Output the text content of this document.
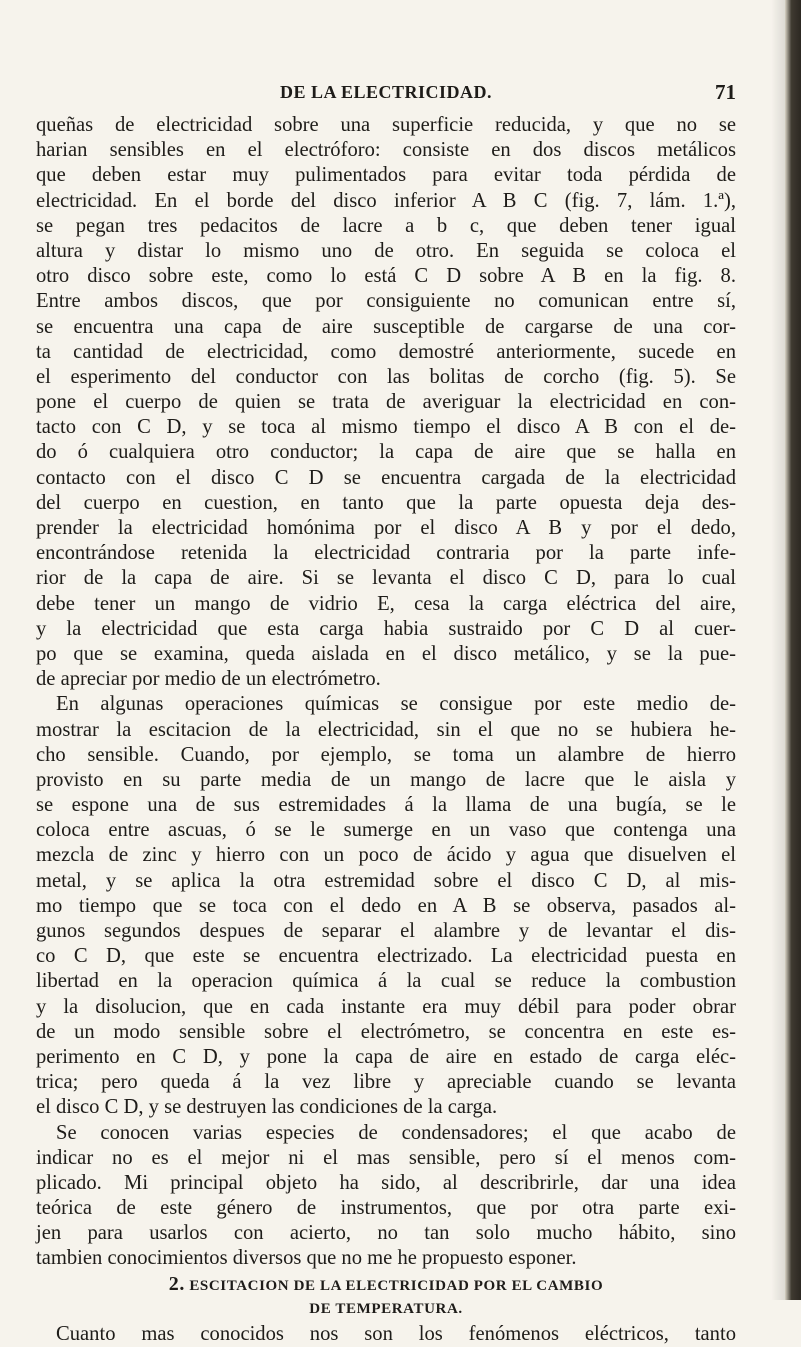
DE LA ELECTRICIDAD.	71
queñas de electricidad sobre una superficie reducida, y que no se
harian sensibles en el electróforo: consiste en dos discos metálicos
que deben estar muy pulimentados para evitar toda pérdida de
electricidad. En el borde del disco inferior A B C (fig. 7, lám. 1.ª),
se pegan tres pedacitos de lacre a b c, que deben tener igual
altura y distar lo mismo uno de otro. En seguida se coloca el
otro disco sobre este, como lo está C D sobre A B en la fig. 8.
Entre ambos discos, que por consiguiente no comunican entre sí,
se encuentra una capa de aire susceptible de cargarse de una cor-
ta cantidad de electricidad, como demostré anteriormente, sucede en
el esperimento del conductor con las bolitas de corcho (fig. 5). Se
pone el cuerpo de quien se trata de averiguar la electricidad en con-
tacto con C D, y se toca al mismo tiempo el disco A B con el de-
do ó cualquiera otro conductor; la capa de aire que se halla en
contacto con el disco C D se encuentra cargada de la electricidad
del cuerpo en cuestion, en tanto que la parte opuesta deja des-
prender la electricidad homónima por el disco A B y por el dedo,
encontrándose retenida la electricidad contraria por la parte infe-
rior de la capa de aire. Si se levanta el disco C D, para lo cual
debe tener un mango de vidrio E, cesa la carga eléctrica del aire,
y la electricidad que esta carga habia sustraido por C D al cuer-
po que se examina, queda aislada en el disco metálico, y se la pue-
de apreciar por medio de un electrómetro.
En algunas operaciones químicas se consigue por este medio de-
mostrar la escitacion de la electricidad, sin el que no se hubiera he-
cho sensible. Cuando, por ejemplo, se toma un alambre de hierro
provisto en su parte media de un mango de lacre que le aisla y
se espone una de sus estremidades á la llama de una bugía, se le
coloca entre ascuas, ó se le sumerge en un vaso que contenga una
mezcla de zinc y hierro con un poco de ácido y agua que disuelven el
metal, y se aplica la otra estremidad sobre el disco C D, al mis-
mo tiempo que se toca con el dedo en A B se observa, pasados al-
gunos segundos despues de separar el alambre y de levantar el dis-
co C D, que este se encuentra electrizado. La electricidad puesta en
libertad en la operacion química á la cual se reduce la combustion
y la disolucion, que en cada instante era muy débil para poder obrar
de un modo sensible sobre el electrómetro, se concentra en este es-
perimento en C D, y pone la capa de aire en estado de carga eléc-
trica; pero queda á la vez libre y apreciable cuando se levanta
el disco C D, y se destruyen las condiciones de la carga.
Se conocen varias especies de condensadores; el que acabo de
indicar no es el mejor ni el mas sensible, pero sí el menos com-
plicado. Mi principal objeto ha sido, al describrirle, dar una idea
teórica de este género de instrumentos, que por otra parte exi-
jen para usarlos con acierto, no tan solo mucho hábito, sino
tambien conocimientos diversos que no me he propuesto esponer.
2. ESCITACION DE LA ELECTRICIDAD POR EL CAMBIO
DE TEMPERATURA.
Cuanto mas conocidos nos son los fenómenos eléctricos, tanto
